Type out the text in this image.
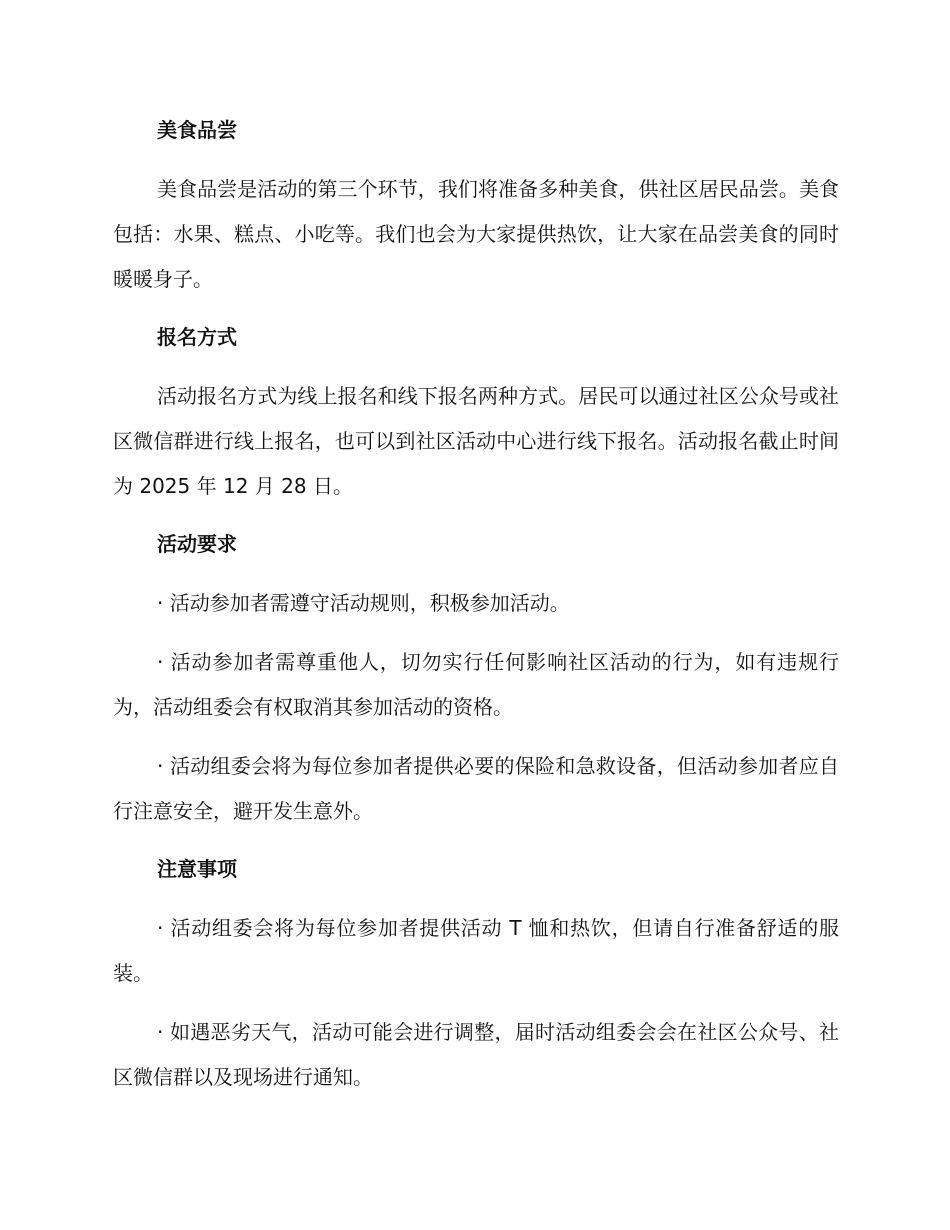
美食品尝
美食品尝是活动的第三个环节，我们将准备多种美食，供社区居民品尝。美食包括：水果、糕点、小吃等。我们也会为大家提供热饮，让大家在品尝美食的同时暖暖身子。
报名方式
活动报名方式为线上报名和线下报名两种方式。居民可以通过社区公众号或社区微信群进行线上报名，也可以到社区活动中心进行线下报名。活动报名截止时间为 2025 年 12 月 28 日。
活动要求
· 活动参加者需遵守活动规则，积极参加活动。
· 活动参加者需尊重他人，切勿实行任何影响社区活动的行为，如有违规行为，活动组委会有权取消其参加活动的资格。
· 活动组委会将为每位参加者提供必要的保险和急救设备，但活动参加者应自行注意安全，避开发生意外。
注意事项
· 活动组委会将为每位参加者提供活动 T 恤和热饮，但请自行准备舒适的服装。
· 如遇恶劣天气，活动可能会进行调整，届时活动组委会会在社区公众号、社区微信群以及现场进行通知。
